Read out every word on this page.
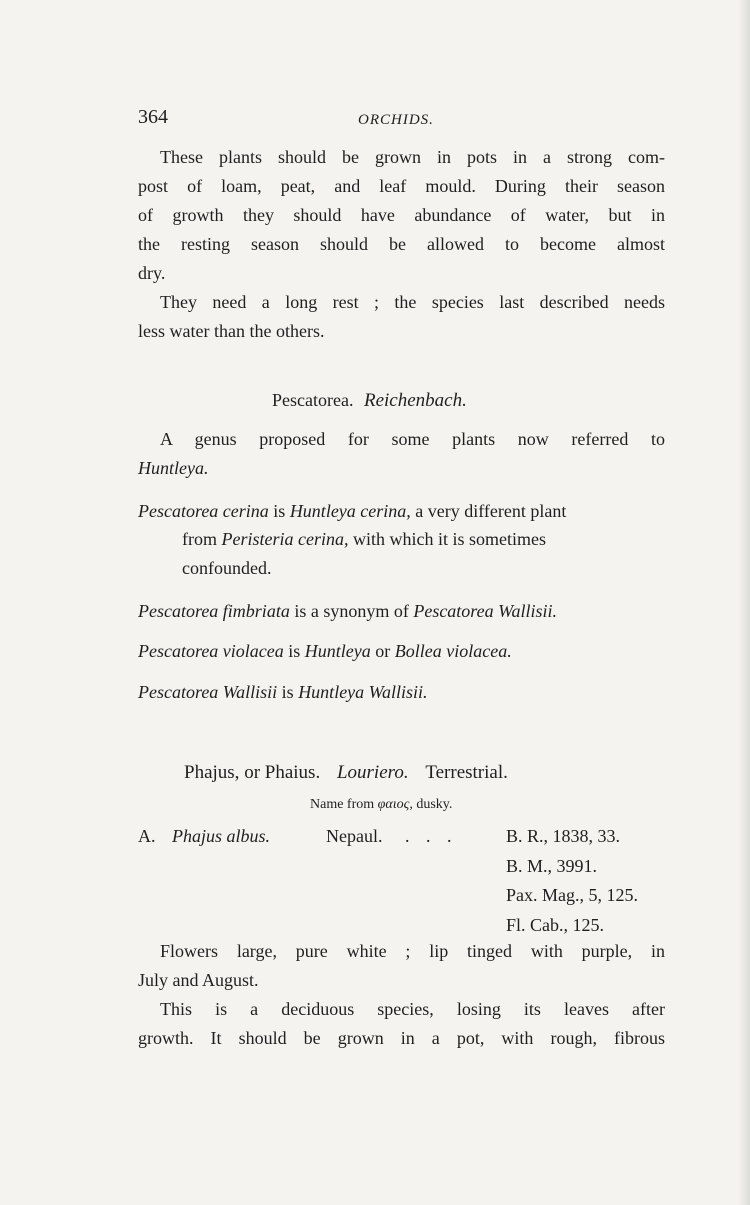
364	ORCHIDS.
These plants should be grown in pots in a strong com-
post of loam, peat, and leaf mould. During their season
of growth they should have abundance of water, but in
the resting season should be allowed to become almost
dry.
They need a long rest ; the species last described needs
less water than the others.
Pescatorea. Reichenbach.
A genus proposed for some plants now referred to
Huntleya.
Pescatorea cerina is Huntleya cerina, a very different plant
from Peristeria cerina, with which it is sometimes
confounded.
Pescatorea fimbriata is a synonym of Pescatorea Wallisii.
Pescatorea violacea is Huntleya or Bollea violacea.
Pescatorea Wallisii is Huntleya Wallisii.
Phajus, or Phaius. Louriero. Terrestrial.
Name from φαιος, dusky.
A. Phajus albus.	Nepaul. . . .	B. R., 1838, 33.
B. M., 3991.
Pax. Mag., 5, 125.
Fl. Cab., 125.
Flowers large, pure white ; lip tinged with purple, in
July and August.
This is a deciduous species, losing its leaves after
growth. It should be grown in a pot, with rough, fibrous
